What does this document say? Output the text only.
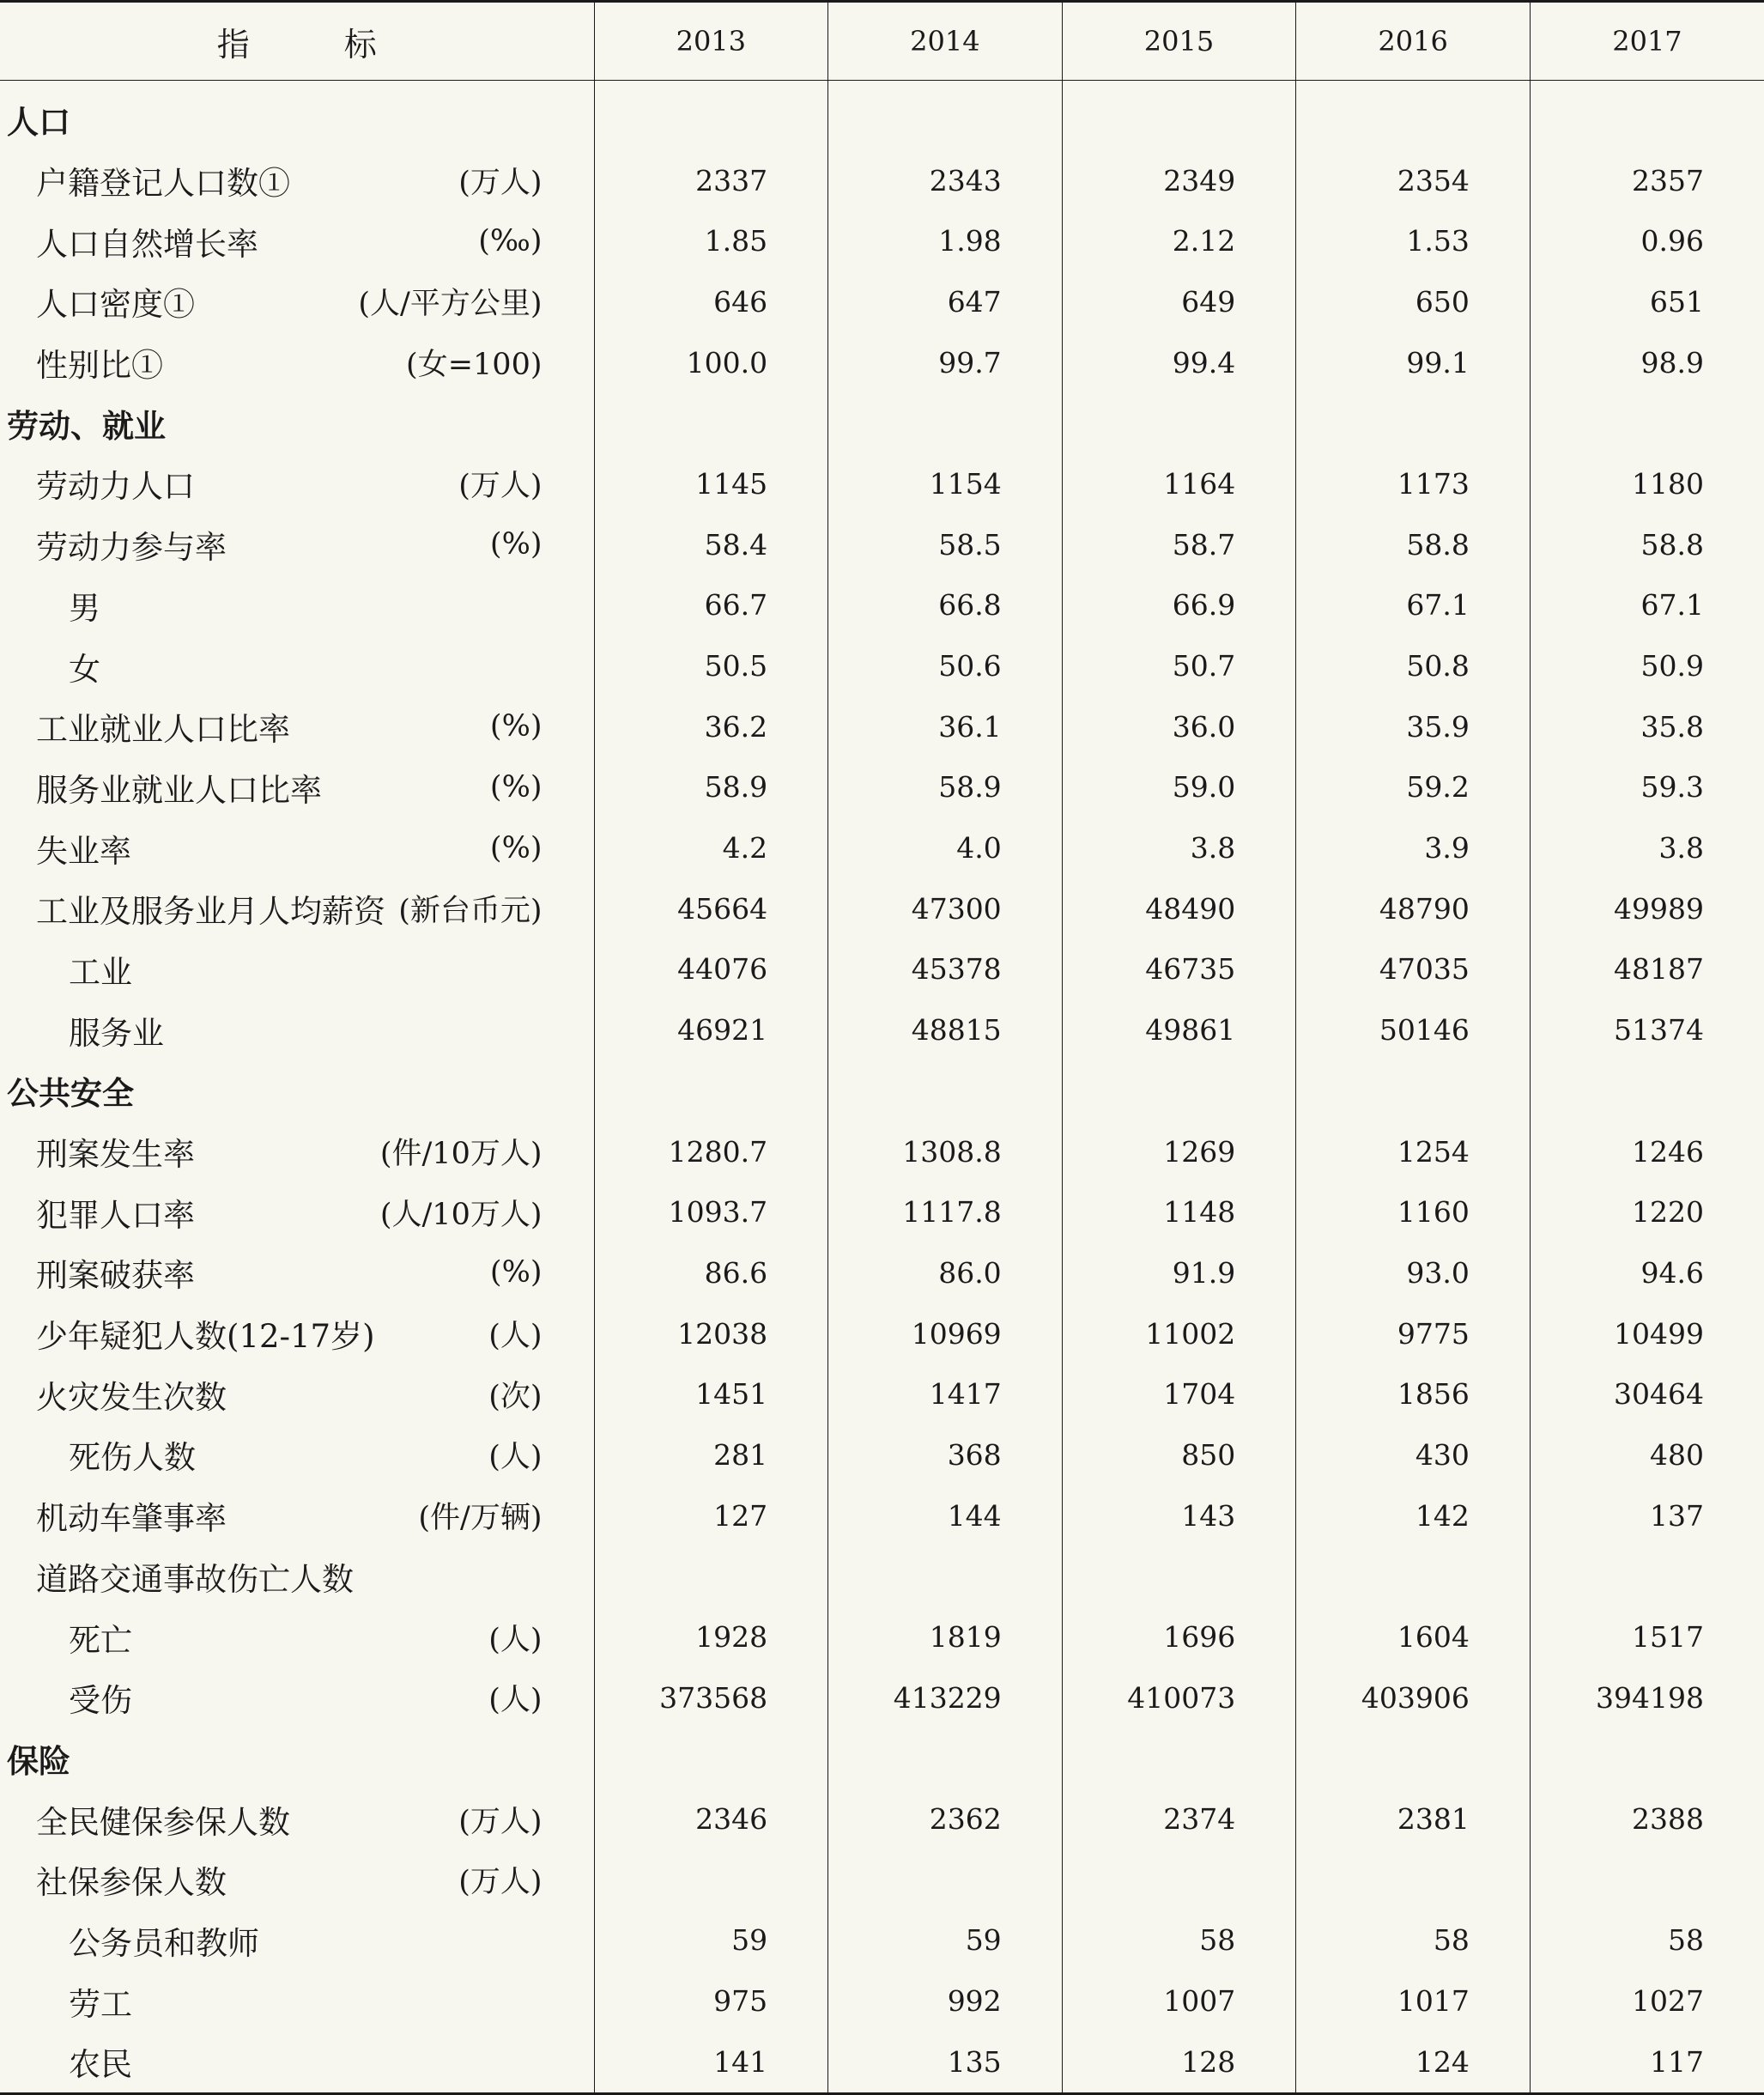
指 标	2013	2014	2015	2016	2017

人口					

户籍登记人口数① (万人)	2337	2343	2349	2354	2357

人口自然增长率 (‰)	1.85	1.98	2.12	1.53	0.96

人口密度① (人/平方公里)	646	647	649	650	651

性别比① (女=100)	100.0	99.7	99.4	99.1	98.9

劳动、就业					

劳动力人口 (万人)	1145	1154	1164	1173	1180

劳动力参与率 (%)	58.4	58.5	58.7	58.8	58.8

男	66.7	66.8	66.9	67.1	67.1

女	50.5	50.6	50.7	50.8	50.9

工业就业人口比率 (%)	36.2	36.1	36.0	35.9	35.8

服务业就业人口比率 (%)	58.9	58.9	59.0	59.2	59.3

失业率 (%)	4.2	4.0	3.8	3.9	3.8

工业及服务业月人均薪资 (新台币元)	45664	47300	48490	48790	49989

工业	44076	45378	46735	47035	48187

服务业	46921	48815	49861	50146	51374

公共安全					

刑案发生率 (件/10万人)	1280.7	1308.8	1269	1254	1246

犯罪人口率 (人/10万人)	1093.7	1117.8	1148	1160	1220

刑案破获率 (%)	86.6	86.0	91.9	93.0	94.6

少年疑犯人数(12-17岁) (人)	12038	10969	11002	9775	10499

火灾发生次数 (次)	1451	1417	1704	1856	30464

死伤人数 (人)	281	368	850	430	480

机动车肇事率 (件/万辆)	127	144	143	142	137

道路交通事故伤亡人数					

死亡 (人)	1928	1819	1696	1604	1517

受伤 (人)	373568	413229	410073	403906	394198

保险					

全民健保参保人数 (万人)	2346	2362	2374	2381	2388

社保参保人数 (万人)					

公务员和教师	59	59	58	58	58

劳工	975	992	1007	1017	1027

农民	141	135	128	124	117
